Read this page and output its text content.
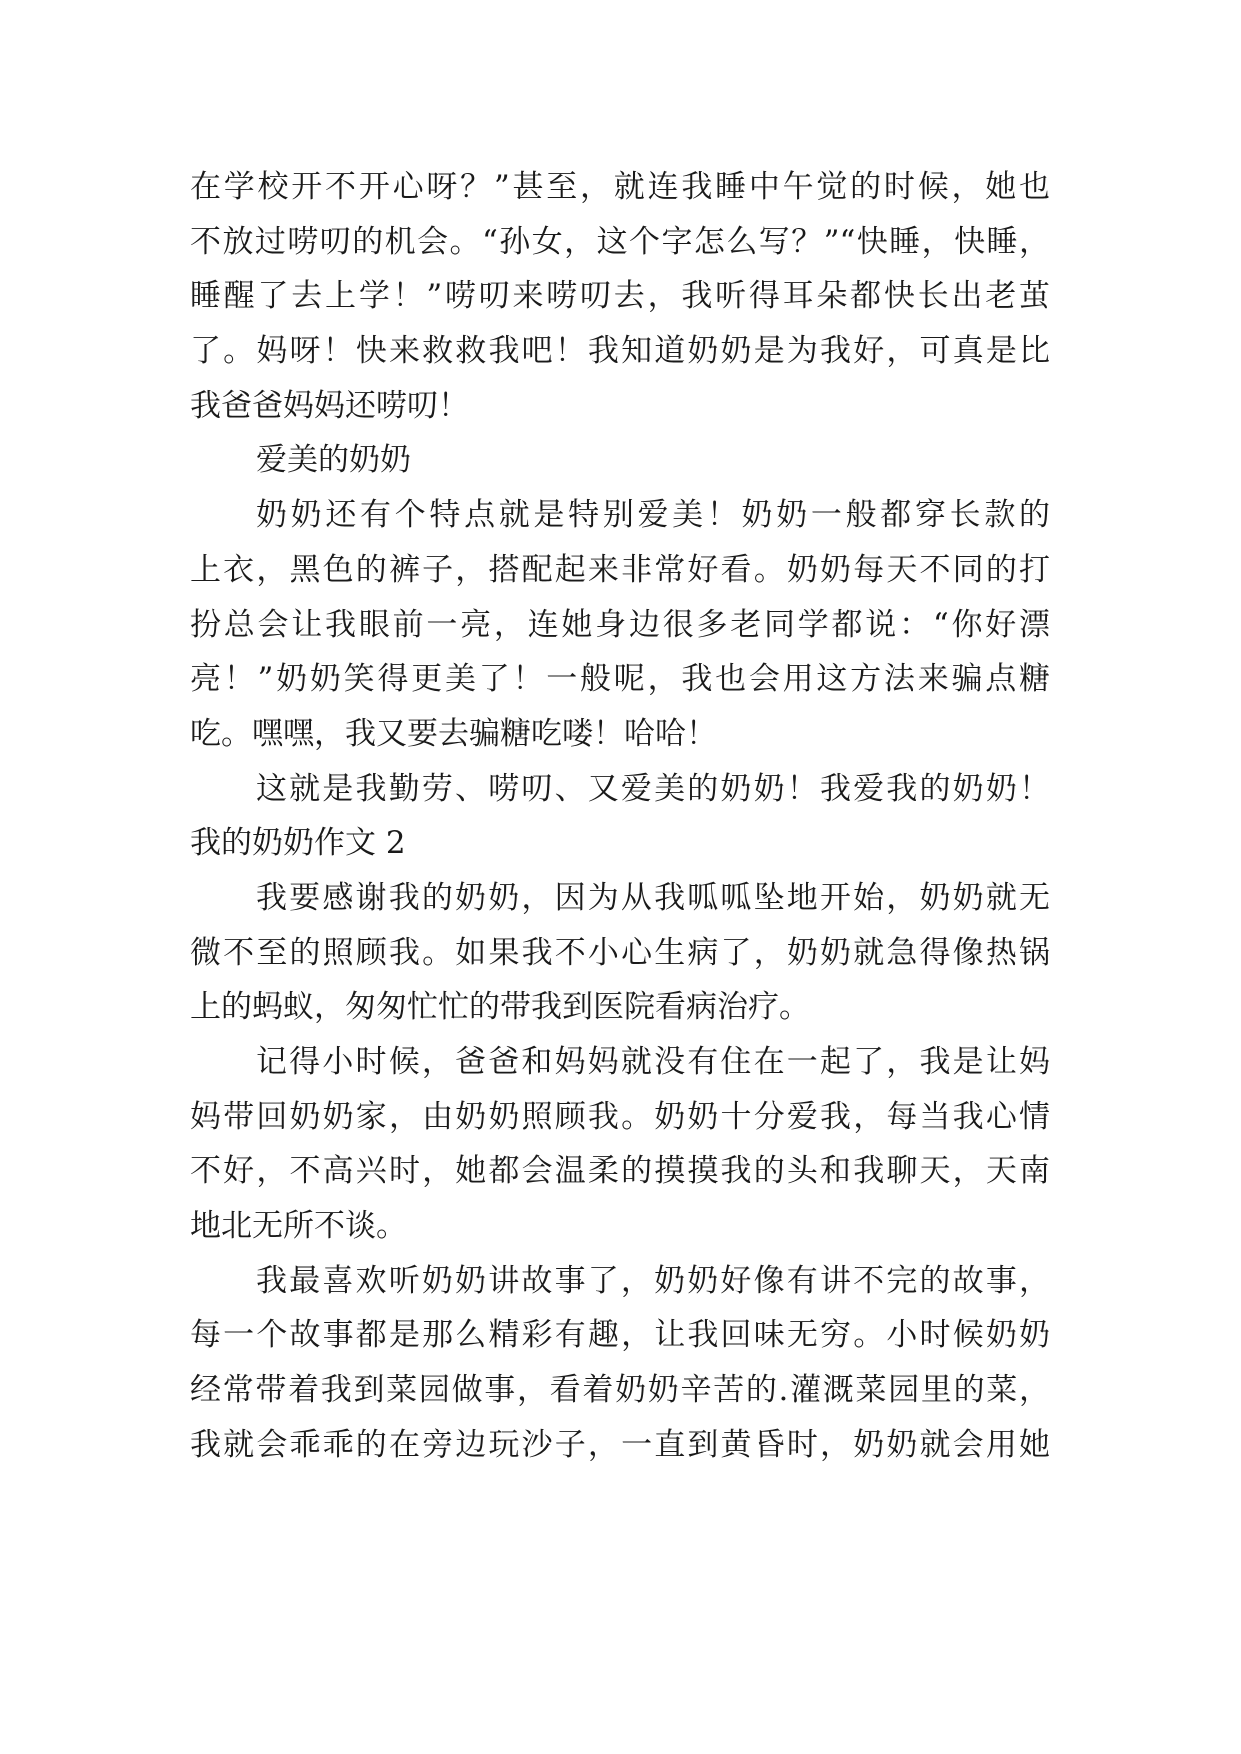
在学校开不开心呀？”甚至，就连我睡中午觉的时候，她也
不放过唠叨的机会。“孙女，这个字怎么写？”“快睡，快睡，
睡醒了去上学！”唠叨来唠叨去，我听得耳朵都快长出老茧
了。妈呀！快来救救我吧！我知道奶奶是为我好，可真是比
我爸爸妈妈还唠叨！
爱美的奶奶
奶奶还有个特点就是特别爱美！奶奶一般都穿长款的
上衣，黑色的裤子，搭配起来非常好看。奶奶每天不同的打
扮总会让我眼前一亮，连她身边很多老同学都说：“你好漂
亮！”奶奶笑得更美了！一般呢，我也会用这方法来骗点糖
吃。嘿嘿，我又要去骗糖吃喽！哈哈！
这就是我勤劳、唠叨、又爱美的奶奶！我爱我的奶奶！
我的奶奶作文 2
我要感谢我的奶奶，因为从我呱呱坠地开始，奶奶就无
微不至的照顾我。如果我不小心生病了，奶奶就急得像热锅
上的蚂蚁，匆匆忙忙的带我到医院看病治疗。
记得小时候，爸爸和妈妈就没有住在一起了，我是让妈
妈带回奶奶家，由奶奶照顾我。奶奶十分爱我，每当我心情
不好，不高兴时，她都会温柔的摸摸我的头和我聊天，天南
地北无所不谈。
我最喜欢听奶奶讲故事了，奶奶好像有讲不完的故事，
每一个故事都是那么精彩有趣，让我回味无穷。小时候奶奶
经常带着我到菜园做事，看着奶奶辛苦的.灌溉菜园里的菜，
我就会乖乖的在旁边玩沙子，一直到黄昏时，奶奶就会用她
